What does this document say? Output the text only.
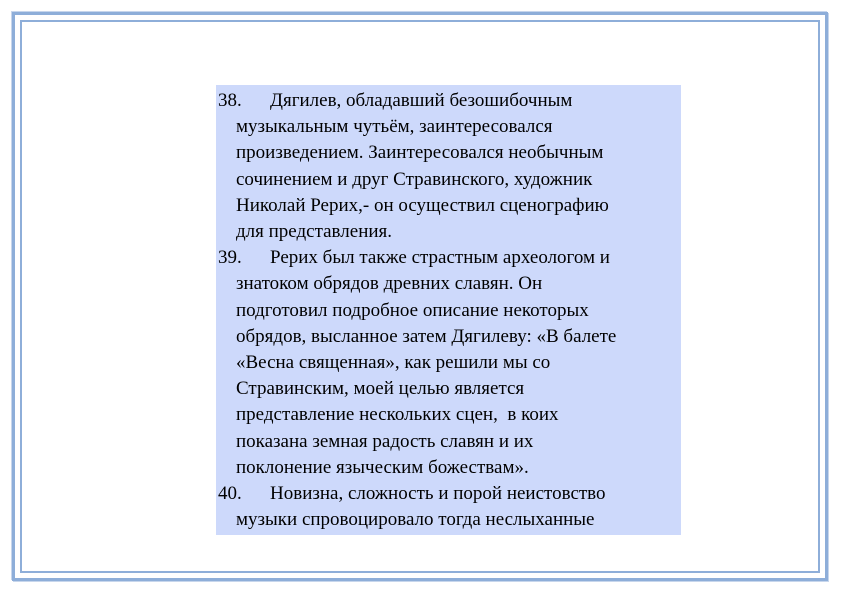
38. Дягилев, обладавший безошибочным
музыкальным чутьём, заинтересовался
произведением. Заинтересовался необычным
сочинением и друг Стравинского, художник
Николай Рерих,- он осуществил сценографию
для представления.
39. Рерих был также страстным археологом и
знатоком обрядов древних славян. Он
подготовил подробное описание некоторых
обрядов, высланное затем Дягилеву: «В балете
«Весна священная», как решили мы со
Стравинским, моей целью является
представление нескольких сцен,  в коих
показана земная радость славян и их
поклонение языческим божествам».
40. Новизна, сложность и порой неистовство
музыки спровоцировало тогда неслыханные
